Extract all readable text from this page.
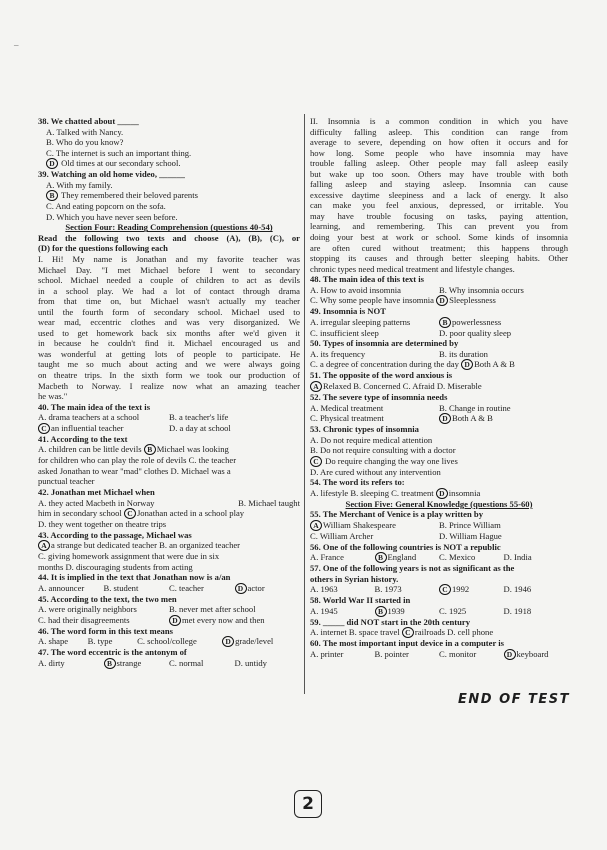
–
38. We chatted about _____
A. Talked with Nancy.
B. Who do you know?
C. The internet is such an important thing.
D Old times at our secondary school.
39. Watching an old home video, ______
A. With my family.
B They remembered their beloved parents
C. And eating popcorn on the sofa.
D. Which you have never seen before.
Section Four: Reading Comprehension (questions 40-54)
Read the following two texts and choose (A), (B), (C), or
(D) for the questions following each
I. Hi! My name is Jonathan and my favorite teacher was
Michael Day. "I met Michael before I went to secondary
school. Michael needed a couple of children to act as devils
in a school play. We had a lot of contact through drama
from that time on, but Michael wasn't actually my teacher
until the fourth form of secondary school. Michael used to
wear mad, eccentric clothes and was very disorganized. We
used to get homework back six months after we'd given it
in because he couldn't find it. Michael encouraged us and
was wonderful at getting lots of people to participate. He
taught me so much about acting and we were always going
on theatre trips. In the sixth form we took our production of
Macbeth to Norway. I realize now what an amazing teacher
he was."
40. The main idea of the text is
A. drama teachers at a school	B. a teacher's life
C an influential teacher	D. a day at school
41. According to the text
A. children can be little devils B Michael was looking
for children who can play the role of devils C. the teacher
asked Jonathan to wear "mad" clothes D. Michael was a
punctual teacher
42. Jonathan met Michael when
A. they acted Macbeth in Norway	B. Michael taught
him in secondary school C Jonathan acted in a school play
D. they went together on theatre trips
43. According to the passage, Michael was
A a strange but dedicated teacher B. an organized teacher
C. giving homework assignment that were due in six
months D. discouraging students from acting
44. It is implied in the text that Jonathan now is a/an
A. announcer	B. student	C. teacher	D actor
45. According to the text, the two men
A. were originally neighbors	B. never met after school
C. had their disagreements	D met every now and then
46. The word form in this text means
A. shape	B. type	C. school/college	D grade/level
47. The word eccentric is the antonym of
A. dirty	B strange	C. normal	D. untidy
II. Insomnia is a common condition in which you have
difficulty falling asleep. This condition can range from
average to severe, depending on how often it occurs and for
how long. Some people who have insomnia may have
trouble falling asleep. Other people may fall asleep easily
but wake up too soon. Others may have trouble with both
falling asleep and staying asleep. Insomnia can cause
excessive daytime sleepiness and a lack of energy. It also
can make you feel anxious, depressed, or irritable. You
may have trouble focusing on tasks, paying attention,
learning, and remembering. This can prevent you from
doing your best at work or school. Some kinds of insomnia
are often cured without treatment; this happens through
stopping its causes and through better sleeping habits. Other
chronic types need medical treatment and lifestyle changes.
48. The main idea of this text is
A. How to avoid insomnia	B. Why insomnia occurs
C. Why some people have insomnia D Sleeplessness
49. Insomnia is NOT
A. irregular sleeping patterns	B powerlessness
C. insufficient sleep	D. poor quality sleep
50. Types of insomnia are determined by
A. its frequency	B. its duration
C. a degree of concentration during the day D Both A & B
51. The opposite of the word anxious is
A Relaxed B. Concerned C. Afraid D. Miserable
52. The severe type of insomnia needs
A. Medical treatment	B. Change in routine
C. Physical treatment	D Both A & B
53. Chronic types of insomnia
A. Do not require medical attention
B. Do not require consulting with a doctor
C Do require changing the way one lives
D. Are cured without any intervention
54. The word its refers to:
A. lifestyle B. sleeping C. treatment D insomnia
Section Five: General Knowledge (questions 55-60)
55. The Merchant of Venice is a play written by
A William Shakespeare	B. Prince William
C. William Archer	D. William Hague
56. One of the following countries is NOT a republic
A. France	B England	C. Mexico	D. India
57. One of the following years is not as significant as the
others in Syrian history.
A. 1963	B. 1973	C 1992	D. 1946
58. World War II started in
A. 1945	B 1939	C. 1925	D. 1918
59. _____ did NOT start in the 20th century
A. internet B. space travel C railroads D. cell phone
60. The most important input device in a computer is
A. printer	B. pointer	C. monitor	D keyboard
END OF TEST
2
